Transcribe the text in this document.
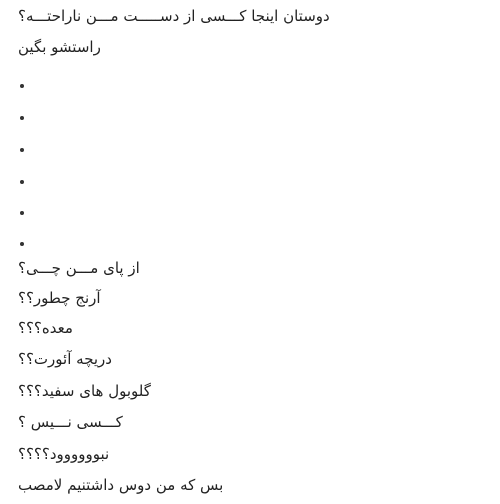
دوستان اینجا کـــسی از دســـــت مـــن ناراحتـــه؟
راستشو بگین
از پای مـــن چـــی؟
آرنج چطور؟؟
معده؟؟؟
دریچه آئورت؟؟
گلوبول های سفید؟؟؟
کـــسی نـــیس ؟
نبوووووود؟؟؟؟
بس که من دوس داشتنیم لامصب
